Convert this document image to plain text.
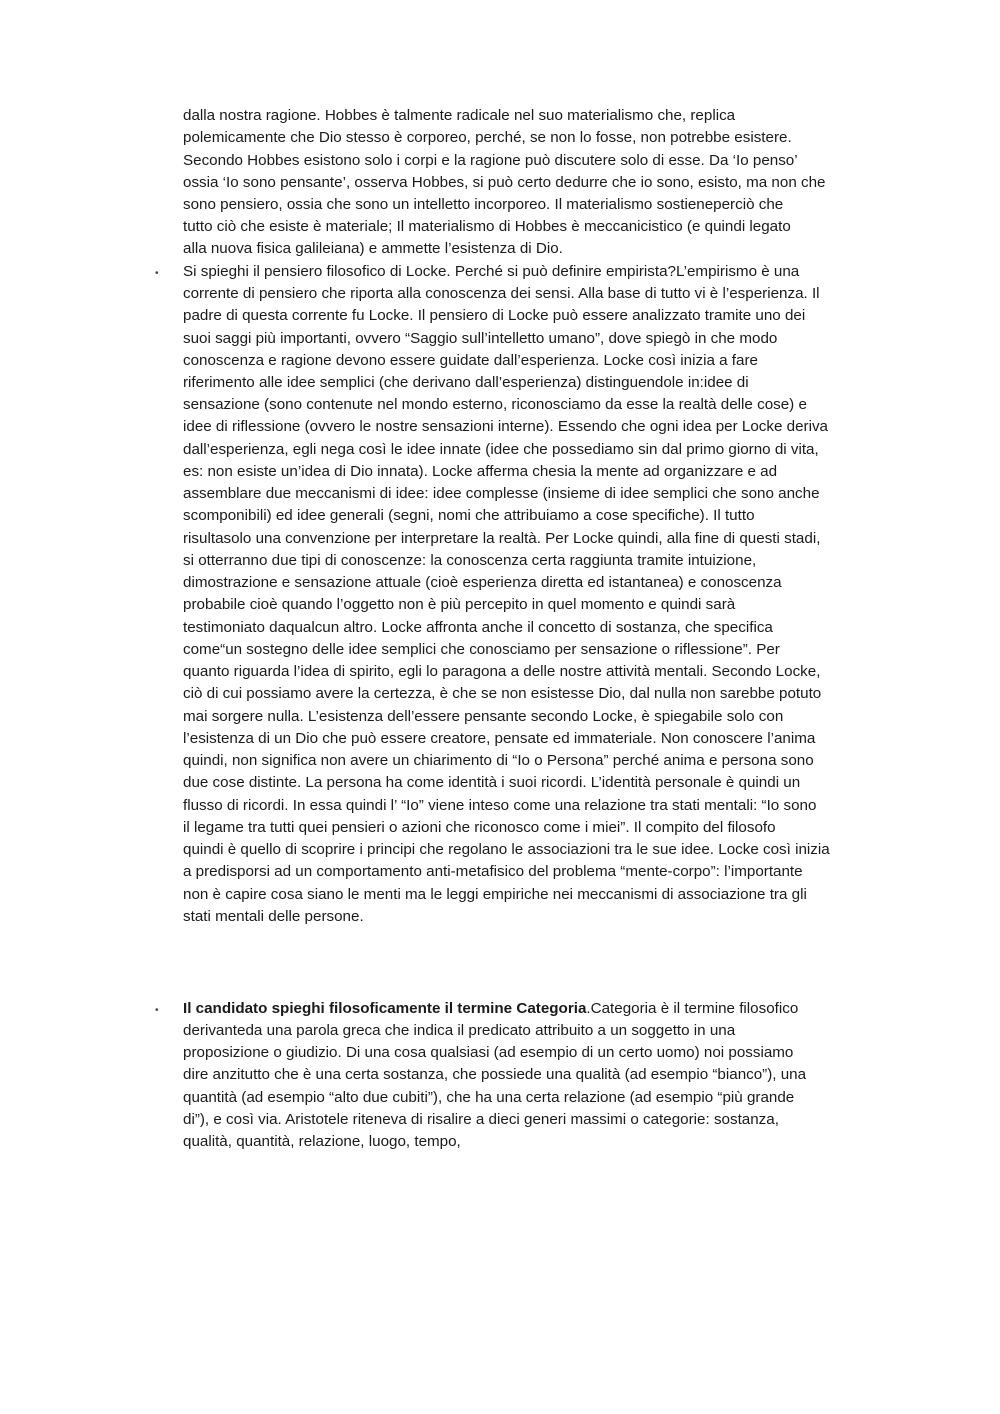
dalla nostra ragione. Hobbes è talmente radicale nel suo materialismo che, replica
polemicamente che Dio stesso è corporeo, perché, se non lo fosse, non potrebbe esistere.
Secondo Hobbes esistono solo i corpi e la ragione può discutere solo di esse. Da ‘Io penso’
ossia ‘Io sono pensante’, osserva Hobbes, si può certo dedurre che io sono, esisto, ma non che
sono pensiero, ossia che sono un intelletto incorporeo. Il materialismo sostieneperciò che
tutto ciò che esiste è materiale; Il materialismo di Hobbes è meccanicistico (e quindi legato
alla nuova fisica galileiana) e ammette l’esistenza di Dio.
• Si spieghi il pensiero filosofico di Locke. Perché si può definire empirista?L’empirismo è una
corrente di pensiero che riporta alla conoscenza dei sensi. Alla base di tutto vi è l’esperienza. Il
padre di questa corrente fu Locke. Il pensiero di Locke può essere analizzato tramite uno dei
suoi saggi più importanti, ovvero “Saggio sull’intelletto umano”, dove spiegò in che modo
conoscenza e ragione devono essere guidate dall’esperienza. Locke così inizia a fare
riferimento alle idee semplici (che derivano dall’esperienza) distinguendole in:idee di
sensazione (sono contenute nel mondo esterno, riconosciamo da esse la realtà delle cose) e
idee di riflessione (ovvero le nostre sensazioni interne). Essendo che ogni idea per Locke deriva
dall’esperienza, egli nega così le idee innate (idee che possediamo sin dal primo giorno di vita,
es: non esiste un’idea di Dio innata). Locke afferma chesia la mente ad organizzare e ad
assemblare due meccanismi di idee: idee complesse (insieme di idee semplici che sono anche
scomponibili) ed idee generali (segni, nomi che attribuiamo a cose specifiche). Il tutto
risultasolo una convenzione per interpretare la realtà. Per Locke quindi, alla fine di questi stadi,
si otterranno due tipi di conoscenze: la conoscenza certa raggiunta tramite intuizione,
dimostrazione e sensazione attuale (cioè esperienza diretta ed istantanea) e conoscenza
probabile cioè quando l’oggetto non è più percepito in quel momento e quindi sarà
testimoniato daqualcun altro. Locke affronta anche il concetto di sostanza, che specifica
come“un sostegno delle idee semplici che conosciamo per sensazione o riflessione”. Per
quanto riguarda l’idea di spirito, egli lo paragona a delle nostre attività mentali. Secondo Locke,
ciò di cui possiamo avere la certezza, è che se non esistesse Dio, dal nulla non sarebbe potuto
mai sorgere nulla. L’esistenza dell’essere pensante secondo Locke, è spiegabile solo con
l’esistenza di un Dio che può essere creatore, pensate ed immateriale. Non conoscere l’anima
quindi, non significa non avere un chiarimento di “Io o Persona” perché anima e persona sono
due cose distinte. La persona ha come identità i suoi ricordi. L’identità personale è quindi un
flusso di ricordi. In essa quindi l’ “Io” viene inteso come una relazione tra stati mentali: “Io sono
il legame tra tutti quei pensieri o azioni che riconosco come i miei”. Il compito del filosofo
quindi è quello di scoprire i principi che regolano le associazioni tra le sue idee. Locke così inizia
a predisporsi ad un comportamento anti-metafisico del problema “mente-corpo”: l’importante
non è capire cosa siano le menti ma le leggi empiriche nei meccanismi di associazione tra gli
stati mentali delle persone.
• Il candidato spieghi filosoficamente il termine Categoria.Categoria è il termine filosofico
derivanteda una parola greca che indica il predicato attribuito a un soggetto in una
proposizione o giudizio. Di una cosa qualsiasi (ad esempio di un certo uomo) noi possiamo
dire anzitutto che è una certa sostanza, che possiede una qualità (ad esempio “bianco”), una
quantità (ad esempio “alto due cubiti”), che ha una certa relazione (ad esempio “più grande
di”), e così via. Aristotele riteneva di risalire a dieci generi massimi o categorie: sostanza,
qualità, quantità, relazione, luogo, tempo,
